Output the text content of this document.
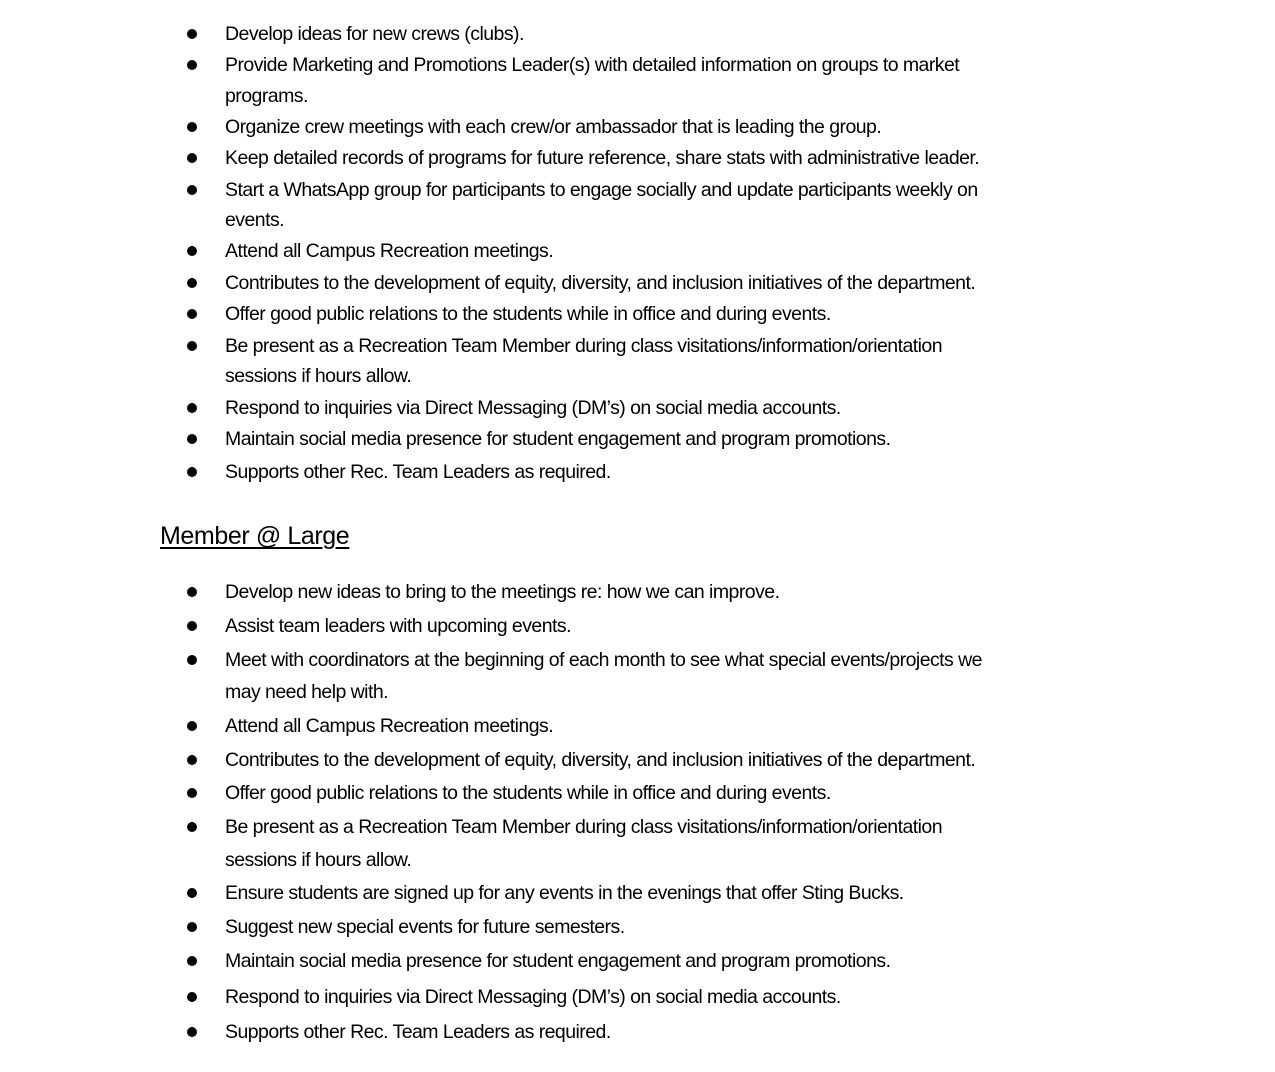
Develop ideas for new crews (clubs).
Provide Marketing and Promotions Leader(s) with detailed information on groups to market
programs.
Organize crew meetings with each crew/or ambassador that is leading the group.
Keep detailed records of programs for future reference, share stats with administrative leader.
Start a WhatsApp group for participants to engage socially and update participants weekly on
events.
Attend all Campus Recreation meetings.
Contributes to the development of equity, diversity, and inclusion initiatives of the department.
Offer good public relations to the students while in office and during events.
Be present as a Recreation Team Member during class visitations/information/orientation
sessions if hours allow.
Respond to inquiries via Direct Messaging (DM’s) on social media accounts.
Maintain social media presence for student engagement and program promotions.
Supports other Rec. Team Leaders as required.
Member @ Large
Develop new ideas to bring to the meetings re: how we can improve.
Assist team leaders with upcoming events.
Meet with coordinators at the beginning of each month to see what special events/projects we
may need help with.
Attend all Campus Recreation meetings.
Contributes to the development of equity, diversity, and inclusion initiatives of the department.
Offer good public relations to the students while in office and during events.
Be present as a Recreation Team Member during class visitations/information/orientation
sessions if hours allow.
Ensure students are signed up for any events in the evenings that offer Sting Bucks.
Suggest new special events for future semesters.
Maintain social media presence for student engagement and program promotions.
Respond to inquiries via Direct Messaging (DM’s) on social media accounts.
Supports other Rec. Team Leaders as required.
